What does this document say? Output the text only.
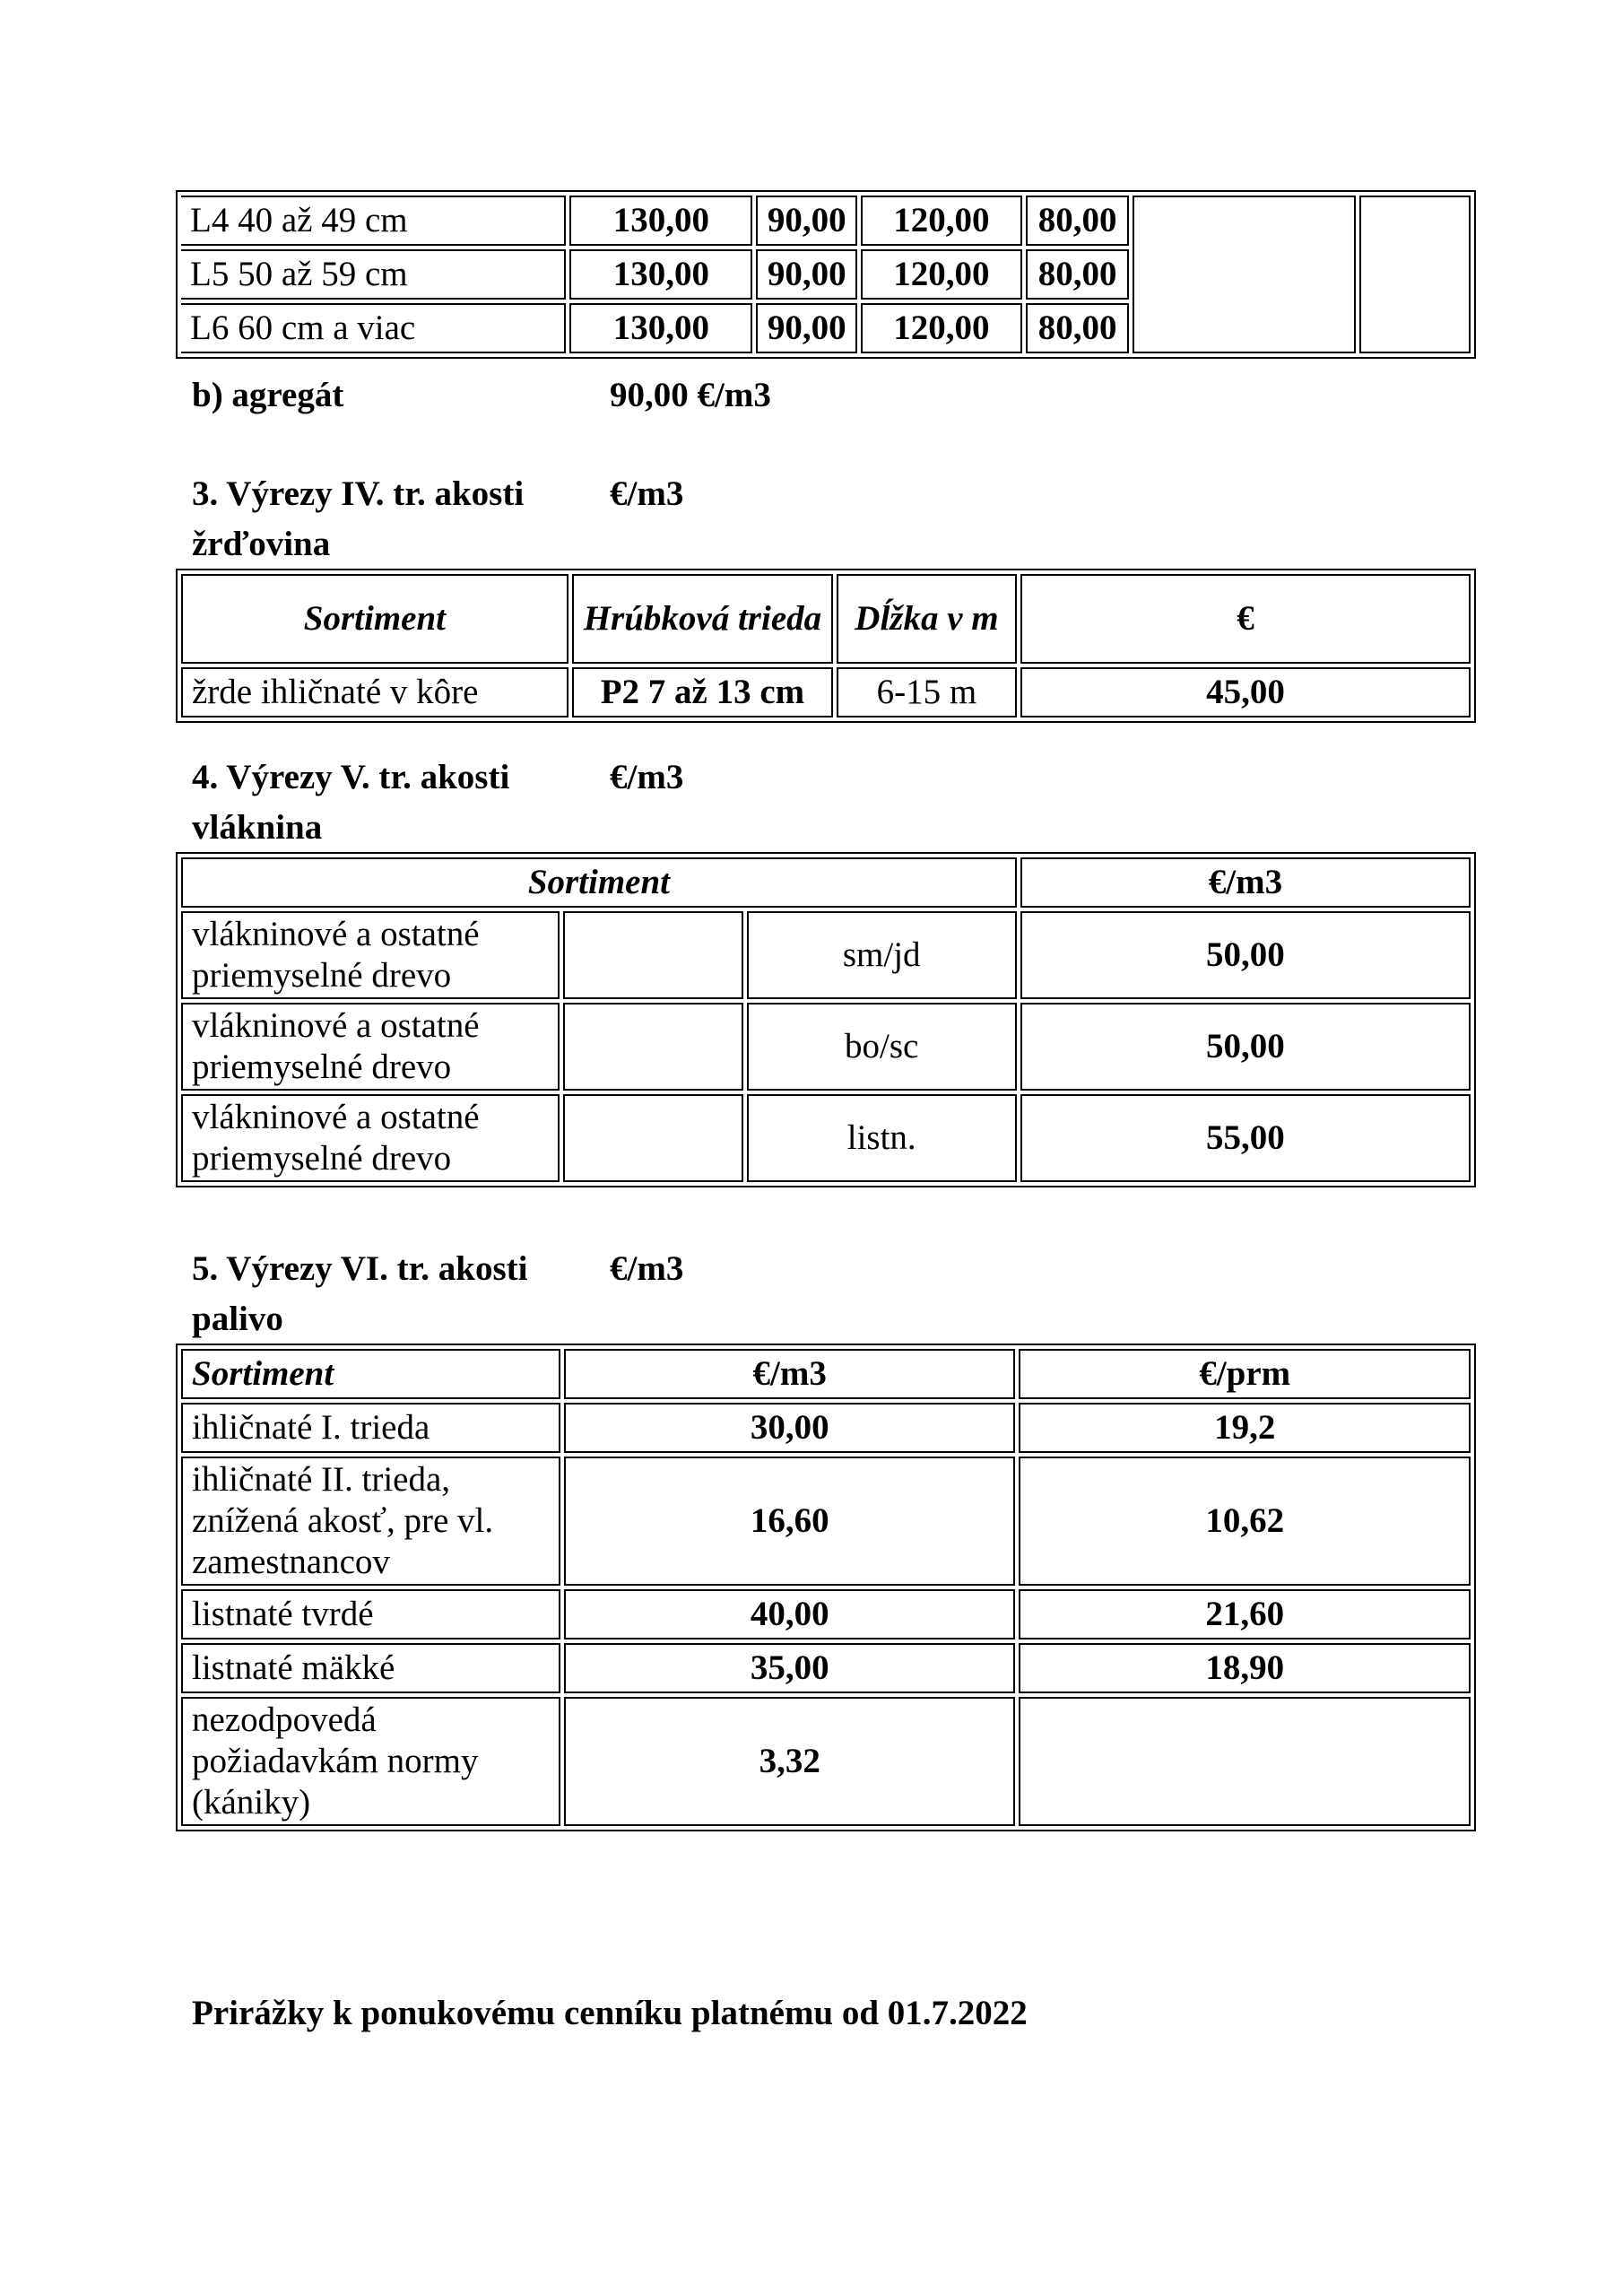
L4 40 až 49 cm	130,00	90,00	120,00	80,00		
L5 50 až 59 cm	130,00	90,00	120,00	80,00		
L6 60 cm a viac	130,00	90,00	120,00	80,00		
b) agregát	90,00 €/m3
3. Výrezy IV. tr. akosti €/m3
žrďovina
Sortiment	Hrúbková trieda	Dĺžka v m	€
žrde ihličnaté v kôre	P2 7 až 13 cm	6-15 m	45,00
4. Výrezy V. tr. akosti	€/m3
vláknina
Sortiment			€/m3
vlákninové a ostatné priemyselné drevo		sm/jd	50,00
vlákninové a ostatné priemyselné drevo		bo/sc	50,00
vlákninové a ostatné priemyselné drevo		listn.	55,00
5. Výrezy VI. tr. akosti €/m3
palivo
Sortiment	€/m3	€/prm
ihličnaté I. trieda	30,00	19,2
ihličnaté II. trieda, znížená akosť, pre vl. zamestnancov	16,60	10,62
listnaté tvrdé	40,00	21,60
listnaté mäkké	35,00	18,90
nezodpovedá požiadavkám normy (kániky)	3,32	
Prirážky k ponukovému cenníku platnému od 01.7.2022
